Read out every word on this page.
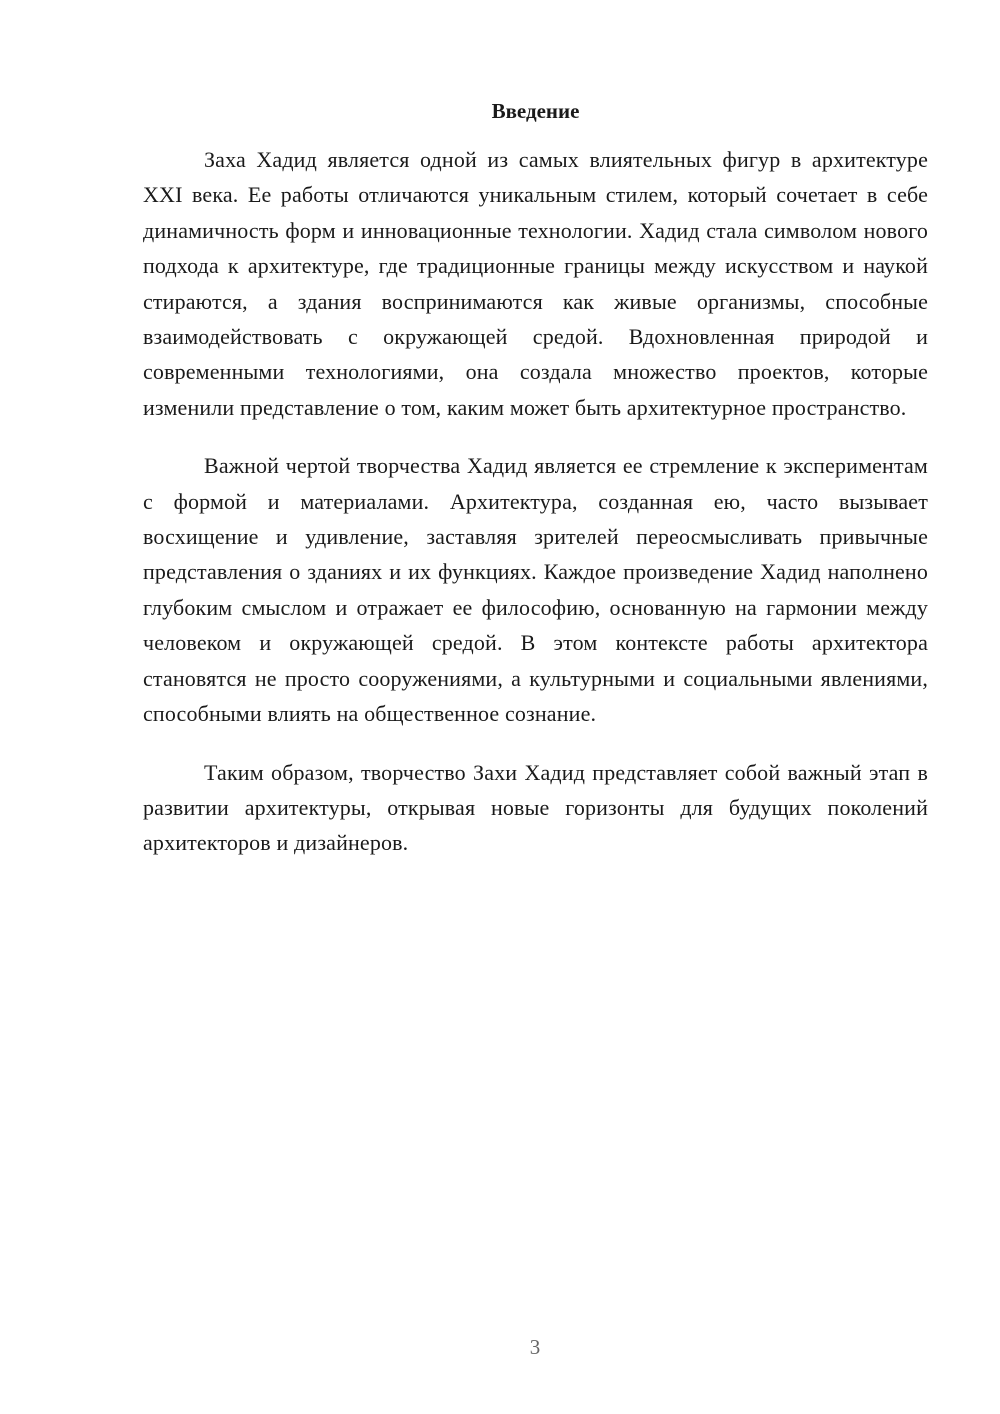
Введение

Заха Хадид является одной из самых влиятельных фигур в архитектуре XXI века. Ее работы отличаются уникальным стилем, который сочетает в себе динамичность форм и инновационные технологии. Хадид стала символом нового подхода к архитектуре, где традиционные границы между искусством и наукой стираются, а здания воспринимаются как живые организмы, способные взаимодействовать с окружающей средой. Вдохновленная природой и современными технологиями, она создала множество проектов, которые изменили представление о том, каким может быть архитектурное пространство.

Важной чертой творчества Хадид является ее стремление к экспериментам с формой и материалами. Архитектура, созданная ею, часто вызывает восхищение и удивление, заставляя зрителей переосмысливать привычные представления о зданиях и их функциях. Каждое произведение Хадид наполнено глубоким смыслом и отражает ее философию, основанную на гармонии между человеком и окружающей средой. В этом контексте работы архитектора становятся не просто сооружениями, а культурными и социальными явлениями, способными влиять на общественное сознание.

Таким образом, творчество Захи Хадид представляет собой важный этап в развитии архитектуры, открывая новые горизонты для будущих поколений архитекторов и дизайнеров.

3
